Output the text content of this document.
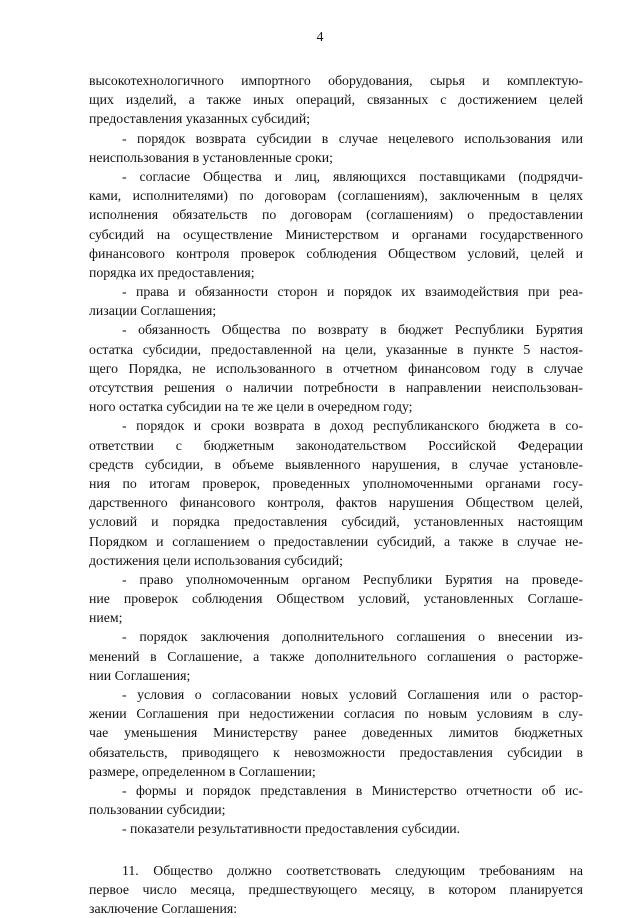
4
высокотехнологичного импортного оборудования, сырья и комплектую-
щих изделий, а также иных операций, связанных с достижением целей
предоставления указанных субсидий;
- порядок возврата субсидии в случае нецелевого использования или
неиспользования в установленные сроки;
- согласие Общества и лиц, являющихся поставщиками (подрядчи-
ками, исполнителями) по договорам (соглашениям), заключенным в целях
исполнения обязательств по договорам (соглашениям) о предоставлении
субсидий на осуществление Министерством и органами государственного
финансового контроля проверок соблюдения Обществом условий, целей и
порядка их предоставления;
- права и обязанности сторон и порядок их взаимодействия при реа-
лизации Соглашения;
- обязанность Общества по возврату в бюджет Республики Бурятия
остатка субсидии, предоставленной на цели, указанные в пункте 5 настоя-
щего Порядка, не использованного в отчетном финансовом году в случае
отсутствия решения о наличии потребности в направлении неиспользован-
ного остатка субсидии на те же цели в очередном году;
- порядок и сроки возврата в доход республиканского бюджета в со-
ответствии с бюджетным законодательством Российской Федерации
средств субсидии, в объеме выявленного нарушения, в случае установле-
ния по итогам проверок, проведенных уполномоченными органами госу-
дарственного финансового контроля, фактов нарушения Обществом целей,
условий и порядка предоставления субсидий, установленных настоящим
Порядком и соглашением о предоставлении субсидий, а также в случае не-
достижения цели использования субсидий;
- право уполномоченным органом Республики Бурятия на проведе-
ние проверок соблюдения Обществом условий, установленных Соглаше-
нием;
- порядок заключения дополнительного соглашения о внесении из-
менений в Соглашение, а также дополнительного соглашения о расторже-
нии Соглашения;
- условия о согласовании новых условий Соглашения или о растор-
жении Соглашения при недостижении согласия по новым условиям в слу-
чае уменьшения Министерству ранее доведенных лимитов бюджетных
обязательств, приводящего к невозможности предоставления субсидии в
размере, определенном в Соглашении;
- формы и порядок представления в Министерство отчетности об ис-
пользовании субсидии;
- показатели результативности предоставления субсидии.
11. Общество должно соответствовать следующим требованиям на
первое число месяца, предшествующего месяцу, в котором планируется
заключение Соглашения:
